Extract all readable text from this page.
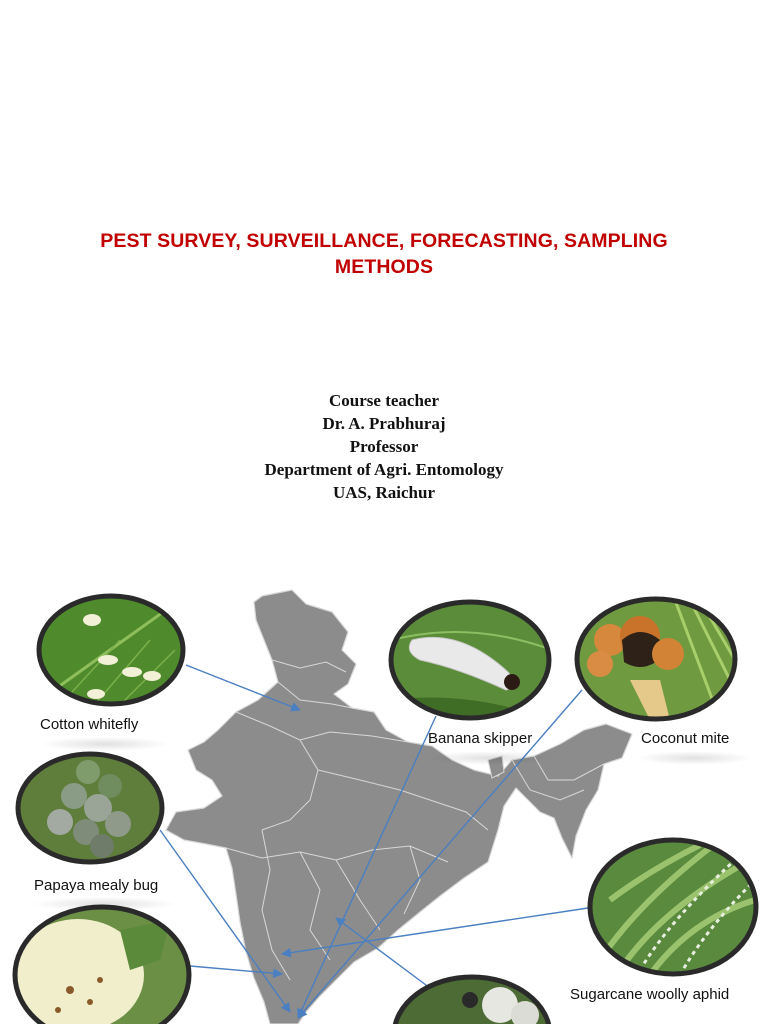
PEST SURVEY, SURVEILLANCE, FORECASTING, SAMPLING
METHODS
Course teacher
Dr. A. Prabhuraj
Professor
Department of Agri. Entomology
UAS, Raichur
Cotton whitefly
Banana skipper	Coconut mite
Papaya mealy bug
Sugarcane woolly aphid
